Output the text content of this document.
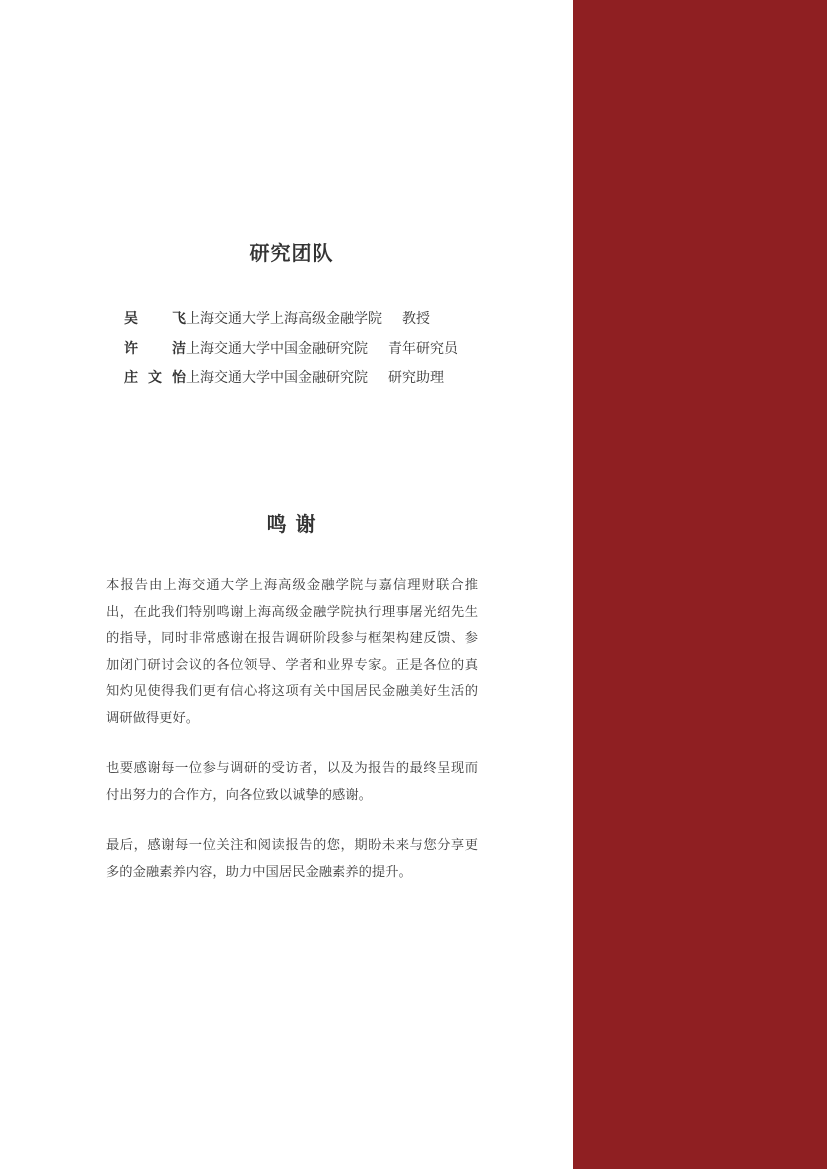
研究团队
吴　飞 上海交通大学上海高级金融学院 教授
许　洁 上海交通大学中国金融研究院 青年研究员
庄文怡 上海交通大学中国金融研究院 研究助理
鸣 谢

本报告由上海交通大学上海高级金融学院与嘉信理财联合推出，在此我们特别鸣谢上海高级金融学院执行理事屠光绍先生的指导，同时非常感谢在报告调研阶段参与框架构建反馈、参加闭门研讨会议的各位领导、学者和业界专家。正是各位的真知灼见使得我们更有信心将这项有关中国居民金融美好生活的调研做得更好。

也要感谢每一位参与调研的受访者，以及为报告的最终呈现而付出努力的合作方，向各位致以诚挚的感谢。

最后，感谢每一位关注和阅读报告的您，期盼未来与您分享更多的金融素养内容，助力中国居民金融素养的提升。
